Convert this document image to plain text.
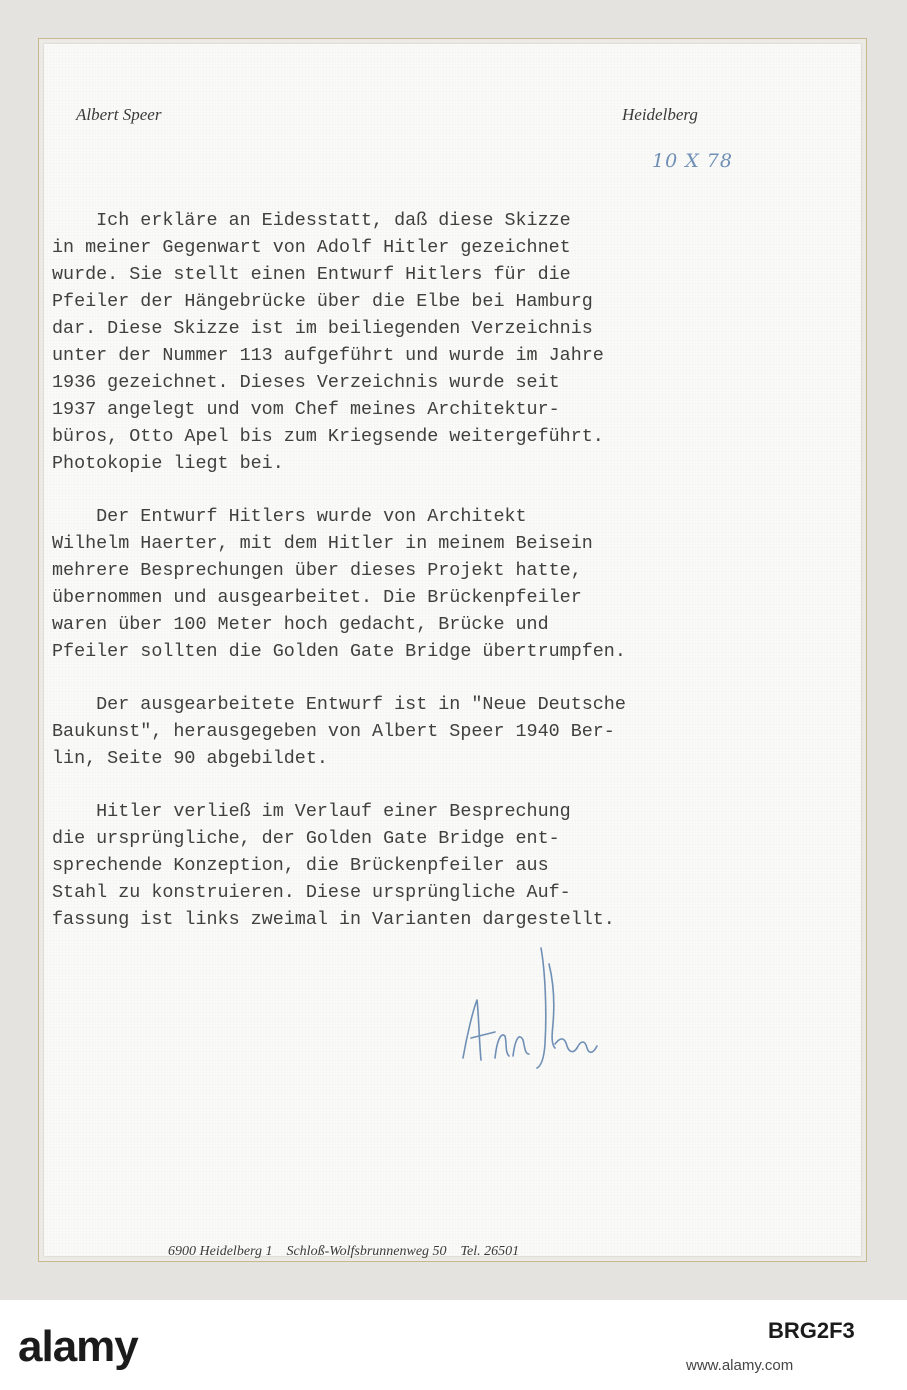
Albert Speer	Heidelberg
10 X 78
Ich erkläre an Eidesstatt, daß diese Skizze
in meiner Gegenwart von Adolf Hitler gezeichnet
wurde. Sie stellt einen Entwurf Hitlers für die
Pfeiler der Hängebrücke über die Elbe bei Hamburg
dar. Diese Skizze ist im beiliegenden Verzeichnis
unter der Nummer 113 aufgeführt und wurde im Jahre
1936 gezeichnet. Dieses Verzeichnis wurde seit
1937 angelegt und vom Chef meines Architektur-
büros, Otto Apel bis zum Kriegsende weitergeführt.
Photokopie liegt bei.
Der Entwurf Hitlers wurde von Architekt
Wilhelm Haerter, mit dem Hitler in meinem Beisein
mehrere Besprechungen über dieses Projekt hatte,
übernommen und ausgearbeitet. Die Brückenpfeiler
waren über 100 Meter hoch gedacht, Brücke und
Pfeiler sollten die Golden Gate Bridge übertrumpfen.
Der ausgearbeitete Entwurf ist in "Neue Deutsche
Baukunst", herausgegeben von Albert Speer 1940 Ber-
lin, Seite 90 abgebildet.
Hitler verließ im Verlauf einer Besprechung
die ursprüngliche, der Golden Gate Bridge ent-
sprechende Konzeption, die Brückenpfeiler aus
Stahl zu konstruieren. Diese ursprüngliche Auf-
fassung ist links zweimal in Varianten dargestellt.
6900 Heidelberg 1    Schloß-Wolfsbrunnenweg 50    Tel. 26501
alamy	BRG2F3
www.alamy.com
